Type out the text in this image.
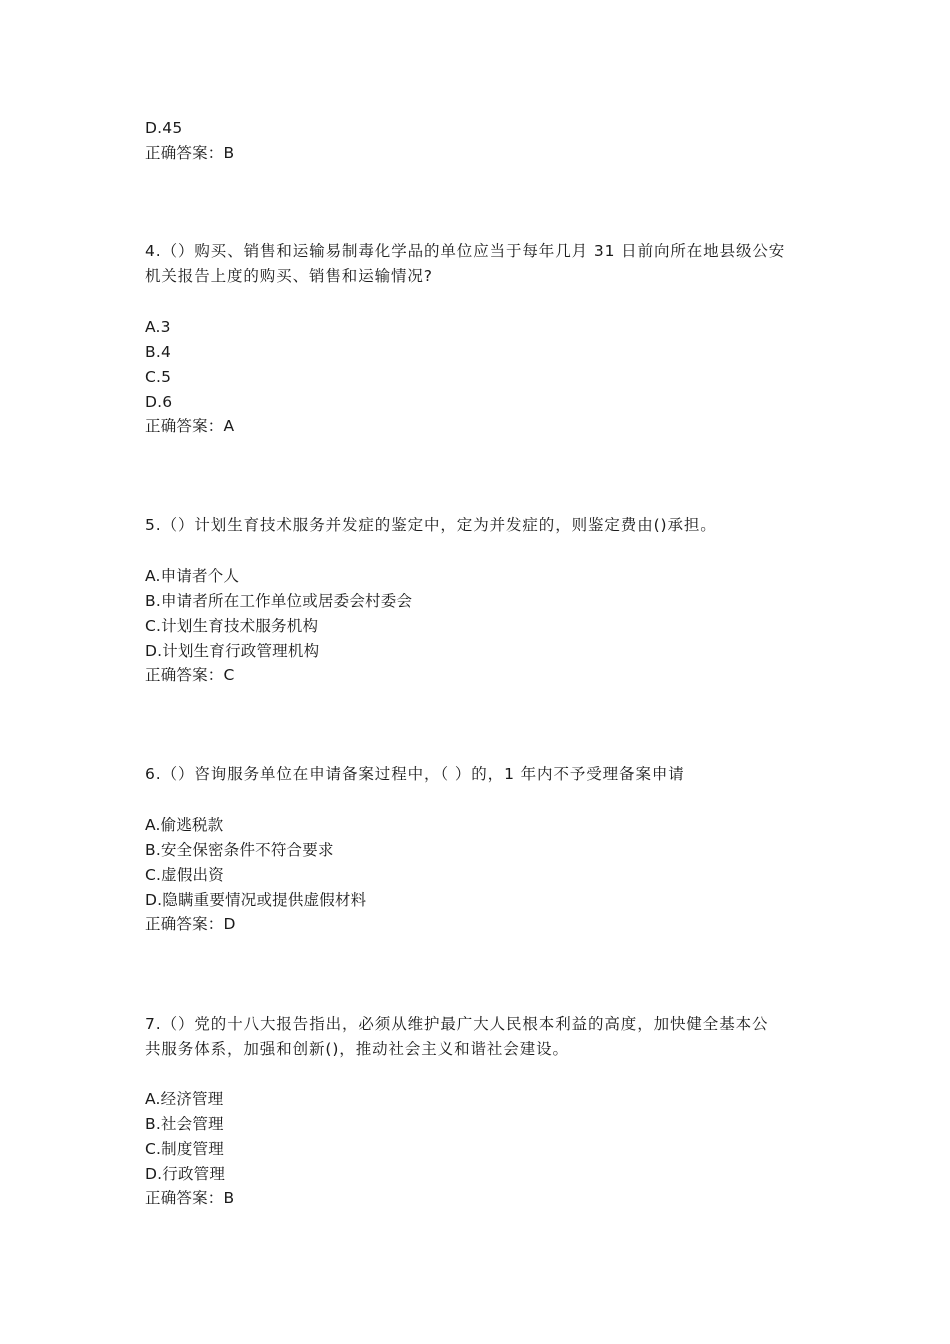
D.45
正确答案：B
4.（）购买、销售和运输易制毒化学品的单位应当于每年几月 31 日前向所在地县级公安
机关报告上度的购买、销售和运输情况?
A.3
B.4
C.5
D.6
正确答案：A
5.（）计划生育技术服务并发症的鉴定中，定为并发症的，则鉴定费由()承担。
A.申请者个人
B.申请者所在工作单位或居委会村委会
C.计划生育技术服务机构
D.计划生育行政管理机构
正确答案：C
6.（）咨询服务单位在申请备案过程中，（ ）的，1 年内不予受理备案申请
A.偷逃税款
B.安全保密条件不符合要求
C.虚假出资
D.隐瞒重要情况或提供虚假材料
正确答案：D
7.（）党的十八大报告指出，必须从维护最广大人民根本利益的高度，加快健全基本公
共服务体系，加强和创新()，推动社会主义和谐社会建设。
A.经济管理
B.社会管理
C.制度管理
D.行政管理
正确答案：B
